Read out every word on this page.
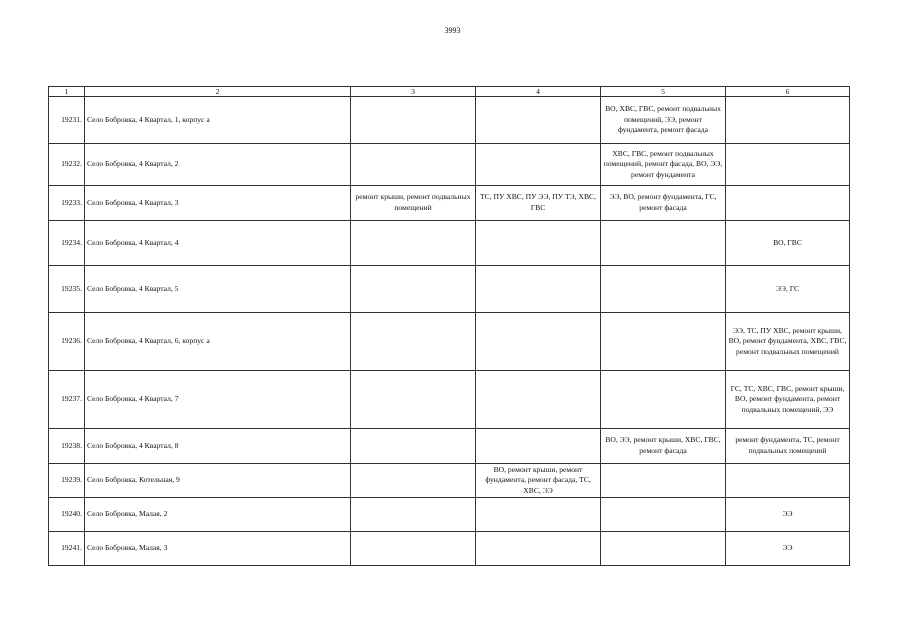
3993
1	2	3	4	5	6
19231.	Село Бобровка, 4 Квартал, 1, корпус а			ВО, ХВС, ГВС, ремонт подвальных помещений, ЭЭ, ремонт фундамента, ремонт фасада	
19232.	Село Бобровка, 4 Квартал, 2			ХВС, ГВС, ремонт подвальных помещений, ремонт фасада, ВО, ЭЭ, ремонт фундамента	
19233.	Село Бобровка, 4 Квартал, 3	ремонт крыши, ремонт подвальных помещений	ТС, ПУ ХВС, ПУ ЭЭ, ПУ ТЭ, ХВС, ГВС	ЭЭ, ВО, ремонт фундамента, ГС, ремонт фасада	
19234.	Село Бобровка, 4 Квартал, 4				ВО, ГВС
19235.	Село Бобровка, 4 Квартал, 5				ЭЭ, ГС
19236.	Село Бобровка, 4 Квартал, 6, корпус а				ЭЭ, ТС, ПУ ХВС, ремонт крыши, ВО, ремонт фундамента, ХВС, ГВС, ремонт подвальных помещений
19237.	Село Бобровка, 4 Квартал, 7				ГС, ТС, ХВС, ГВС, ремонт крыши, ВО, ремонт фундамента, ремонт подвальных помещений, ЭЭ
19238.	Село Бобровка, 4 Квартал, 8			ВО, ЭЭ, ремонт крыши, ХВС, ГВС, ремонт фасада	ремонт фундамента, ТС, ремонт подвальных помещений
19239.	Село Бобровка, Котельная, 9		ВО, ремонт крыши, ремонт фундамента, ремонт фасада, ТС, ХВС, ЭЭ		
19240.	Село Бобровка, Малая, 2				ЭЭ
19241.	Село Бобровка, Малая, 3				ЭЭ
